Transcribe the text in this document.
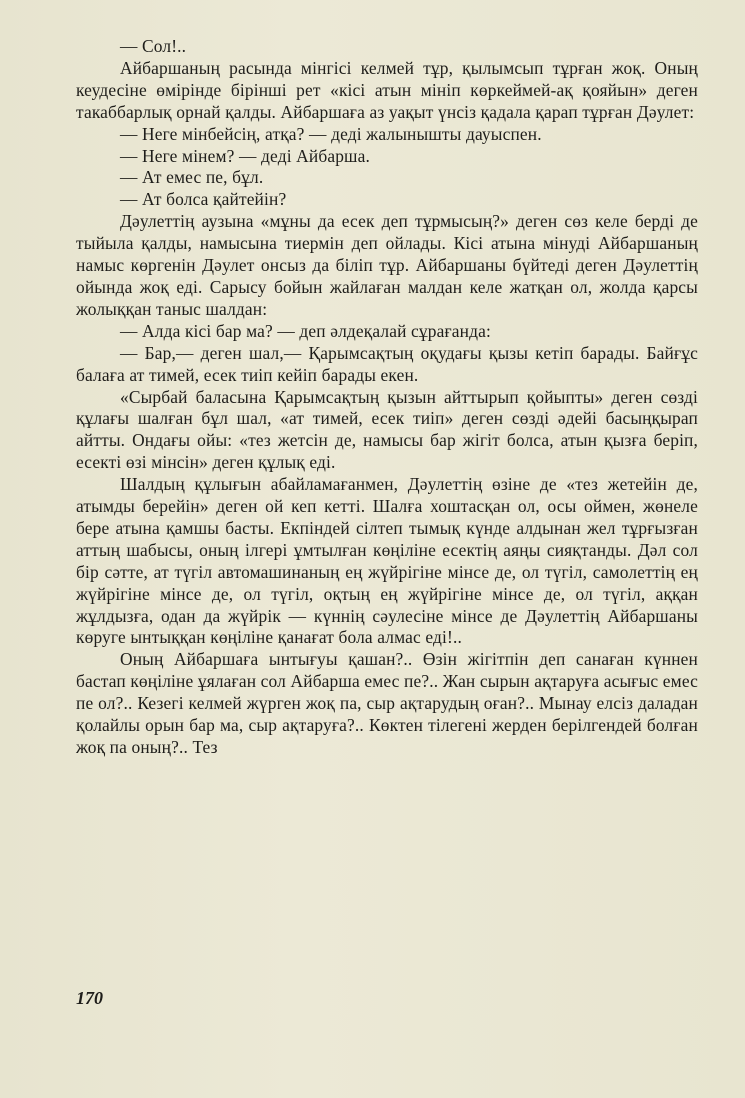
— Сол!..

Айбаршаның расында мінгісі келмей тұр, қылымсып тұрған жоқ. Оның кеудесіне өмірінде бірінші рет «кісі атын мініп көркеймей-ақ қояйын» деген такаббарлық орнай қалды. Айбаршаға аз уақыт үнсіз қадала қарап тұрған Дәулет:

— Неге мінбейсің, атқа? — деді жалынышты дауыспен.

— Неге мінем? — деді Айбарша.

— Ат емес пе, бұл.

— Ат болса қайтейін?

Дәулеттің аузына «мұны да есек деп тұрмысың?» деген сөз келе берді де тыйыла қалды, намысына тиермін деп ойлады. Кісі атына мінуді Айбаршаның намыс көргенін Дәулет онсыз да біліп тұр. Айбаршаны бүйтеді деген Дәулеттің ойында жоқ еді. Сарысу бойын жайлаған малдан келе жатқан ол, жолда қарсы жолыққан таныс шалдан:

— Алда кісі бар ма? — деп әлдеқалай сұрағанда:

— Бар,— деген шал,— Қарымсақтың оқудағы қызы кетіп барады. Байғұс балаға ат тимей, есек тиіп кейіп барады екен.

«Сырбай баласына Қарымсақтың қызын айттырып қойыпты» деген сөзді құлағы шалған бұл шал, «ат тимей, есек тиіп» деген сөзді әдейі басыңқырап айтты. Ондағы ойы: «тез жетсін де, намысы бар жігіт болса, атын қызға беріп, есекті өзі мінсін» деген құлық еді.

Шалдың құлығын абайламағанмен, Дәулеттің өзіне де «тез жетейін де, атымды берейін» деген ой кеп кетті. Шалға хоштасқан ол, осы оймен, жөнеле бере атына қамшы басты. Екпіндей сілтеп тымық күнде алдынан жел тұрғызған аттың шабысы, оның ілгері ұмтылған көңіліне есектің аяңы сияқтанды. Дәл сол бір сәтте, ат түгіл автомашинаның ең жүйрігіне мінсе де, ол түгіл, самолеттің ең жүйрігіне мінсе де, ол түгіл, оқтың ең жүйрігіне мінсе де, ол түгіл, аққан жұлдызға, одан да жүйрік — күннің сәулесіне мінсе де Дәулеттің Айбаршаны көруге ынтыққан көңіліне қанағат бола алмас еді!..

Оның Айбаршаға ынтығуы қашан?.. Өзін жігітпін деп санаған күннен бастап көңіліне ұялаған сол Айбарша емес пе?.. Жан сырын ақтаруға асығыс емес пе ол?.. Кезегі келмей жүрген жоқ па, сыр ақтарудың оған?.. Мынау елсіз даладан қолайлы орын бар ма, сыр ақтаруға?.. Көктен тілегені жерден берілгендей болған жоқ па оның?.. Тез

170
